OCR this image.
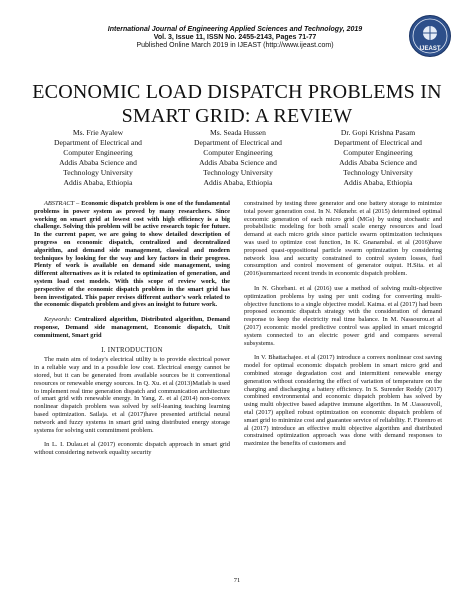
International Journal of Engineering Applied Sciences and Technology, 2019
Vol. 3, Issue 11, ISSN No. 2455-2143, Pages 71-77
Published Online March 2019 in IJEAST (http://www.ijeast.com)	IJEAST
ECONOMIC LOAD DISPATCH PROBLEMS IN
SMART GRID: A REVIEW
Ms. Frie Ayalew
Department of Electrical and
Computer Engineering
Addis Ababa Science and
Technology University
Addis Ababa, Ethiopia
Ms. Seada Hussen
Department of Electrical and
Computer Engineering
Addis Ababa Science and
Technology University
Addis Ababa, Ethiopia
Dr. Gopi Krishna Pasam
Department of Electrical and
Computer Engineering
Addis Ababa Science and
Technology University
Addis Ababa, Ethiopia

ABSTRACT – Economic dispatch problem is one of the fundamental problems in power system as proved by many researchers. Since working on smart grid at lowest cost with high efficiency is a big challenge. Solving this problem will be active research topic for future. In the current paper, we are going to show detailed description of progress on economic dispatch, centralized and decentralized algorithm, and demand side management, classical and modern techniques by looking for the way and key factors in their progress. Plenty of work is available on demand side management, using different alternatives as it is related to optimization of generation, and system load cost models. With this scope of review work, the perspective of the economic dispatch problem in the smart grid has been investigated. This paper revises different author's work related to the economic dispatch problem and gives an insight to future work.

Keywords: Centralized algorithm, Distributed algorithm, Demand response, Demand side management, Economic dispatch, Unit commitment, Smart grid

I. INTRODUCTION

The main aim of today's electrical utility is to provide electrical power in a reliable way and in a possible low cost. Electrical energy cannot be stored, but it can be generated from available sources be it conventional resources or renewable energy sources. In Q. Xu. et al (2013)Matlab is used to implement real time generation dispatch and communication architecture of smart grid with renewable energy. In Yang, Z. et al (2014) non-convex nonlinear dispatch problem was solved by self-leaning teaching learning based optimization. Sailaja. et al (2017)have presented artificial neural network and fuzzy systems in smart grid using distributed energy storage systems for solving unit commitment problem.

In L. I. Dulau.et al (2017) economic dispatch approach in smart grid without considering network equality security

constrained by testing three generator and one battery storage to minimize total power generation cost. In N. Nikmehr. et al (2015) determined optimal economic generation of each micro grid (MGs) by using stochastic and probabilistic modeling for both small scale energy resources and load demand at each micro grids since particle swarm optimization techniques was used to optimize cost function, In K. Gnanambal. et al (2016)have proposed quasi-oppositional particle swarm optimization by considering network loss and security constrained to control system losses, fuel consumption and control movement of generator output. H.Sita. et al (2016)summarized recent trends in economic dispatch problem.

In N. Ghorbani. et al (2016) use a method of solving multi-objective optimization problems by using per unit coding for converting multi-objective functions to a single objective model. Kaima. et al (2017) had been proposed economic dispatch strategy with the consideration of demand response to keep the electricity real time balance. In M. Nassourou.et al (2017) economic model predictive control was applied in smart micogrid system connected to an electric power grid and compares several subsystems.

In V. Bhattachajee. et al (2017) introduce a convex nonlinear cost saving model for optimal economic dispatch problem in smart micro grid and combined storage degradation cost and intermittent renewable energy generation without considering the effect of variation of temperature on the charging and discharging a battery efficiency. In S. Surender Reddy (2017) combined environmental and economic dispatch problem has solved by using multi objective based adaptive immune algorithm. In M .Uassouvoll, etal (2017) applied robust optimization on economic dispatch problem of smart grid to minimize cost and guarantee service of reliability. F. Fiorenro et al (2017) introduce an effective multi objective algorithm and distributed constrained optimization approach was done with demand responses to maximize the benefits of customers and

71
